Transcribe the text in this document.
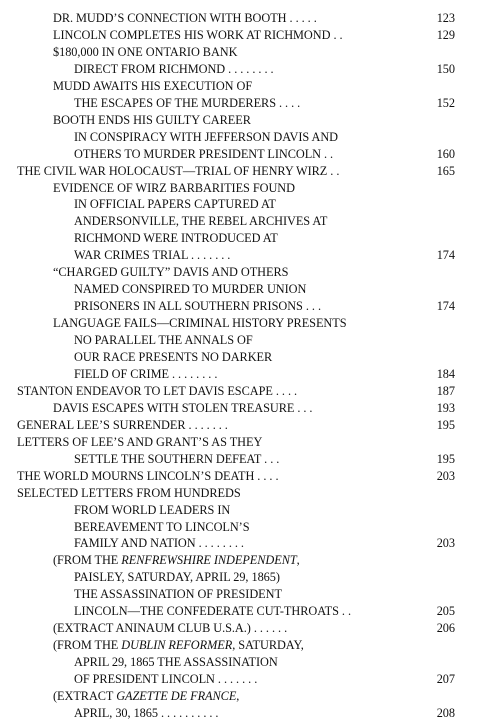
DR. MUDD’S CONNECTION WITH BOOTH . . . . .	123
LINCOLN COMPLETES HIS WORK AT RICHMOND . .	129
$180,000 IN ONE ONTARIO BANK
DIRECT FROM RICHMOND . . . . . . . .	150
MUDD AWAITS HIS EXECUTION OF
THE ESCAPES OF THE MURDERERS . . . .	152
BOOTH ENDS HIS GUILTY CAREER
IN CONSPIRACY WITH JEFFERSON DAVIS AND
OTHERS TO MURDER PRESIDENT LINCOLN . .	160
THE CIVIL WAR HOLOCAUST—TRIAL OF HENRY WIRZ . .	165
EVIDENCE OF WIRZ BARBARITIES FOUND
IN OFFICIAL PAPERS CAPTURED AT
ANDERSONVILLE, THE REBEL ARCHIVES AT
RICHMOND WERE INTRODUCED AT
WAR CRIMES TRIAL . . . . . . .	174
“CHARGED GUILTY” DAVIS AND OTHERS
NAMED CONSPIRED TO MURDER UNION
PRISONERS IN ALL SOUTHERN PRISONS . . .	174
LANGUAGE FAILS—CRIMINAL HISTORY PRESENTS
NO PARALLEL THE ANNALS OF
OUR RACE PRESENTS NO DARKER
FIELD OF CRIME . . . . . . . .	184
STANTON ENDEAVOR TO LET DAVIS ESCAPE . . . .	187
DAVIS ESCAPES WITH STOLEN TREASURE . . .	193
GENERAL LEE’S SURRENDER . . . . . . .	195
LETTERS OF LEE’S AND GRANT’S AS THEY
SETTLE THE SOUTHERN DEFEAT . . .	195
THE WORLD MOURNS LINCOLN’S DEATH . . . .	203
SELECTED LETTERS FROM HUNDREDS
FROM WORLD LEADERS IN
BEREAVEMENT TO LINCOLN’S
FAMILY AND NATION . . . . . . . .	203
(FROM THE RENFREWSHIRE INDEPENDENT,
PAISLEY, SATURDAY, APRIL 29, 1865)
THE ASSASSINATION OF PRESIDENT
LINCOLN—THE CONFEDERATE CUT-THROATS . .	205
(EXTRACT ANINAUM CLUB U.S.A.) . . . . . .	206
(FROM THE DUBLIN REFORMER, SATURDAY,
APRIL 29, 1865 THE ASSASSINATION
OF PRESIDENT LINCOLN . . . . . . .	207
(EXTRACT GAZETTE DE FRANCE,
APRIL, 30, 1865 . . . . . . . . . .	208
